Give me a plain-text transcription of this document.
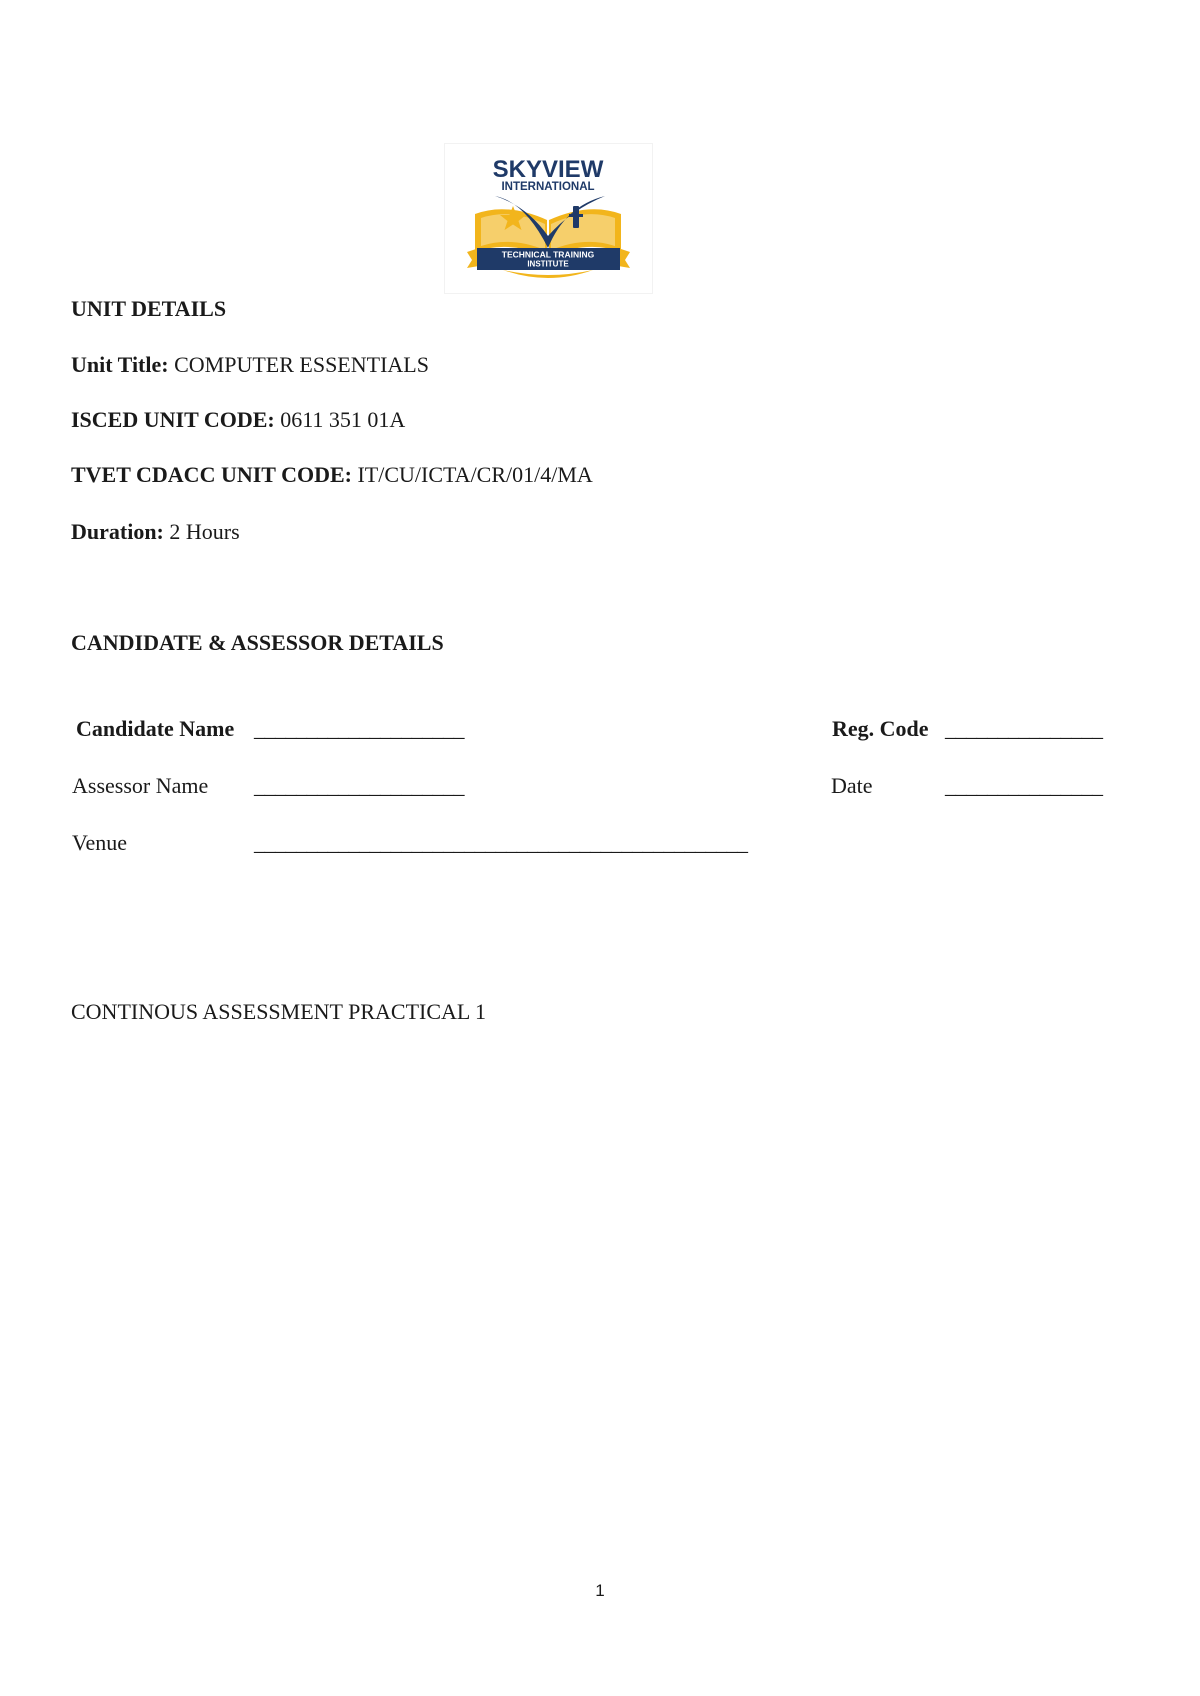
SKYVIEW
INTERNATIONAL
TECHNICAL TRAINING
INSTITUTE
UNIT DETAILS
Unit Title: COMPUTER ESSENTIALS
ISCED UNIT CODE: 0611 351 01A
TVET CDACC UNIT CODE: IT/CU/ICTA/CR/01/4/MA
Duration: 2 Hours
CANDIDATE & ASSESSOR DETAILS
Candidate Name ____________________	Reg. Code _______________
Assessor Name ____________________	Date	_______________
Venue	_______________________________________________
CONTINOUS ASSESSMENT PRACTICAL 1
1
